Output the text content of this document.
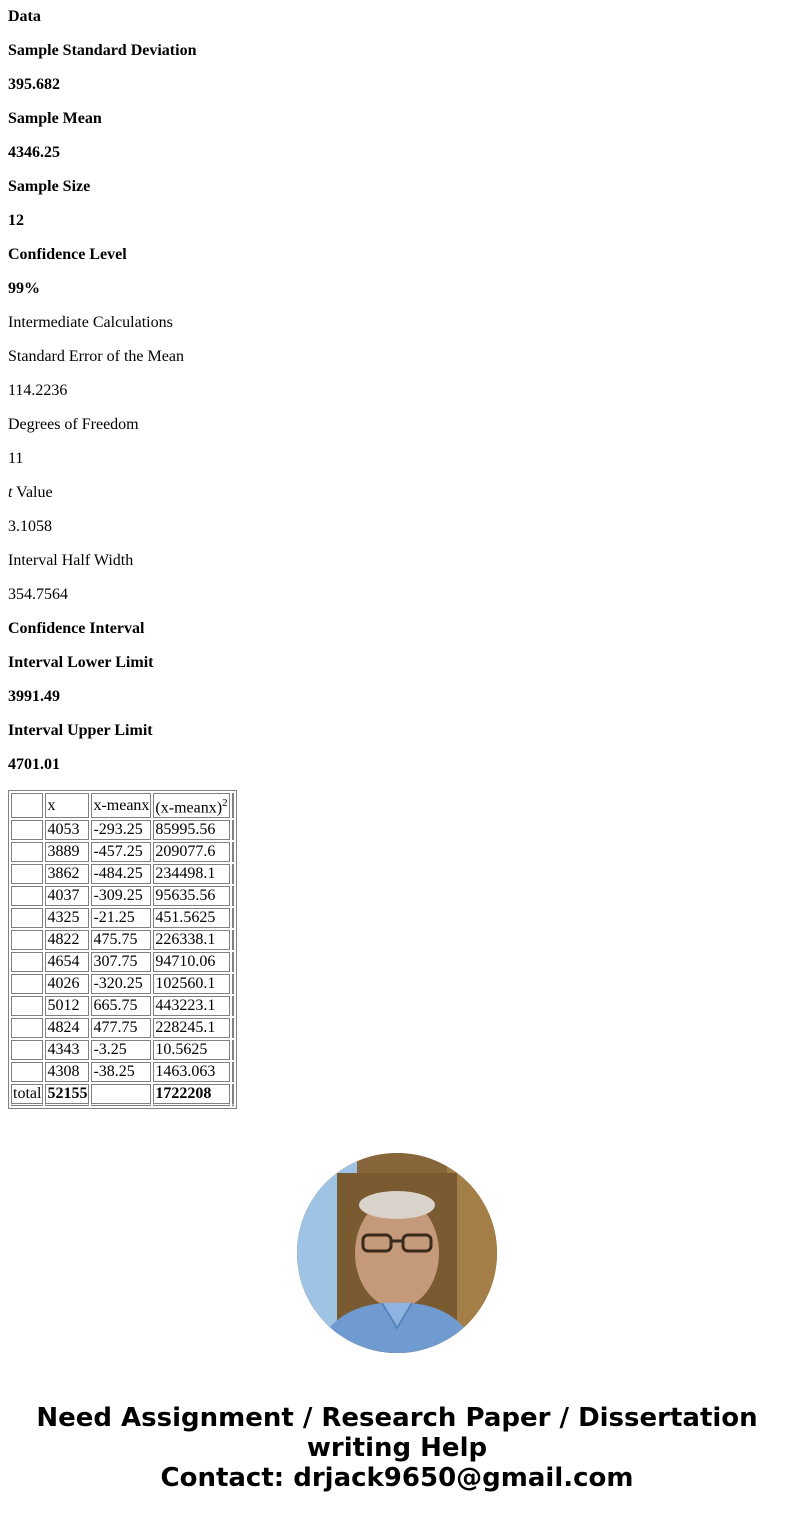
Data
Sample Standard Deviation
395.682
Sample Mean
4346.25
Sample Size
12
Confidence Level
99%
Intermediate Calculations
Standard Error of the Mean
114.2236
Degrees of Freedom
11
t Value
3.1058
Interval Half Width
354.7564
Confidence Interval
Interval Lower Limit
3991.49
Interval Upper Limit
4701.01
	x	x-meanx	(x-meanx)$^2$	
	4053	-293.25	85995.56	
	3889	-457.25	209077.6	
	3862	-484.25	234498.1	
	4037	-309.25	95635.56	
	4325	-21.25	451.5625	
	4822	475.75	226338.1	
	4654	307.75	94710.06	
	4026	-320.25	102560.1	
	5012	665.75	443223.1	
	4824	477.75	228245.1	
	4343	-3.25	10.5625	
	4308	-38.25	1463.063	
total	52155		1722208	
Need Assignment / Research Paper / Dissertation
writing Help
Contact: drjack9650@gmail.com
